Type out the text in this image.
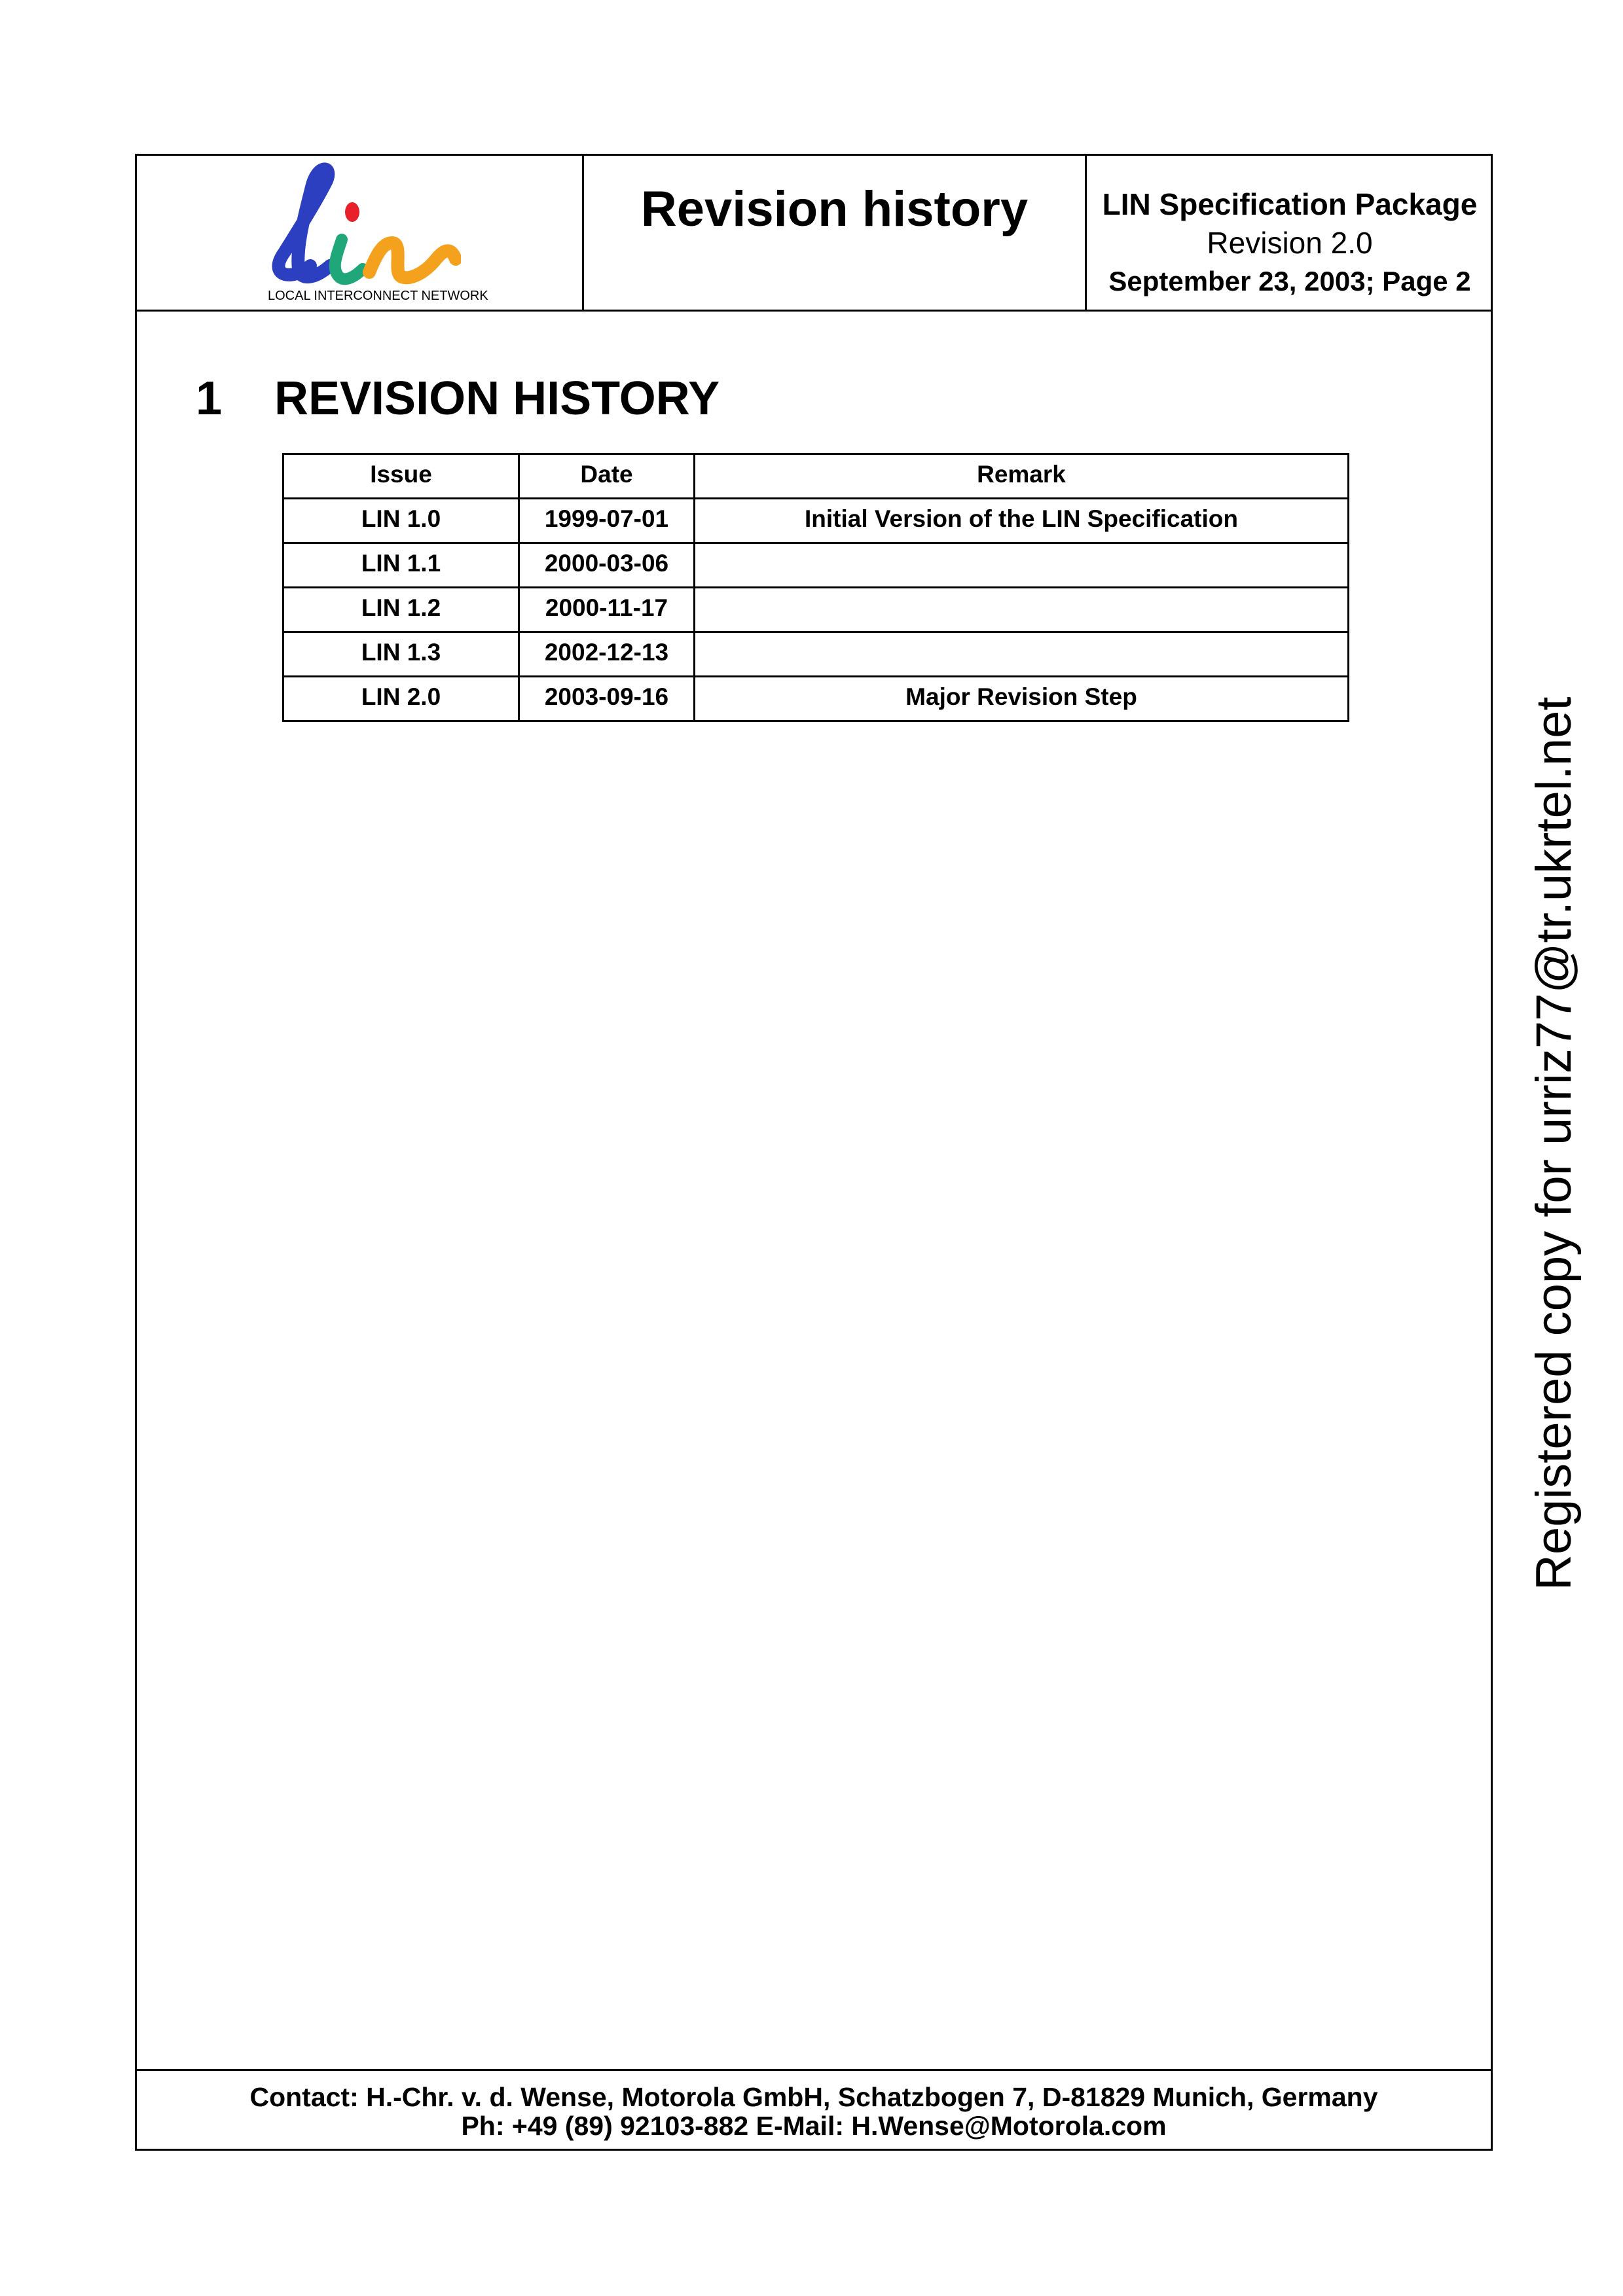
LOCAL INTERCONNECT NETWORK
Revision history	LIN Specification Package
Revision 2.0
September 23, 2003; Page 2
1 REVISION HISTORY
Issue	Date	Remark
LIN 1.0	1999-07-01	Initial Version of the LIN Specification
LIN 1.1	2000-03-06	
LIN 1.2	2000-11-17	
LIN 1.3	2002-12-13	
LIN 2.0	2003-09-16	Major Revision Step
Contact: H.-Chr. v. d. Wense, Motorola GmbH, Schatzbogen 7, D-81829 Munich, Germany
Ph: +49 (89) 92103-882 E-Mail: H.Wense@Motorola.com
Registered copy for urriz77@tr.ukrtel.net
